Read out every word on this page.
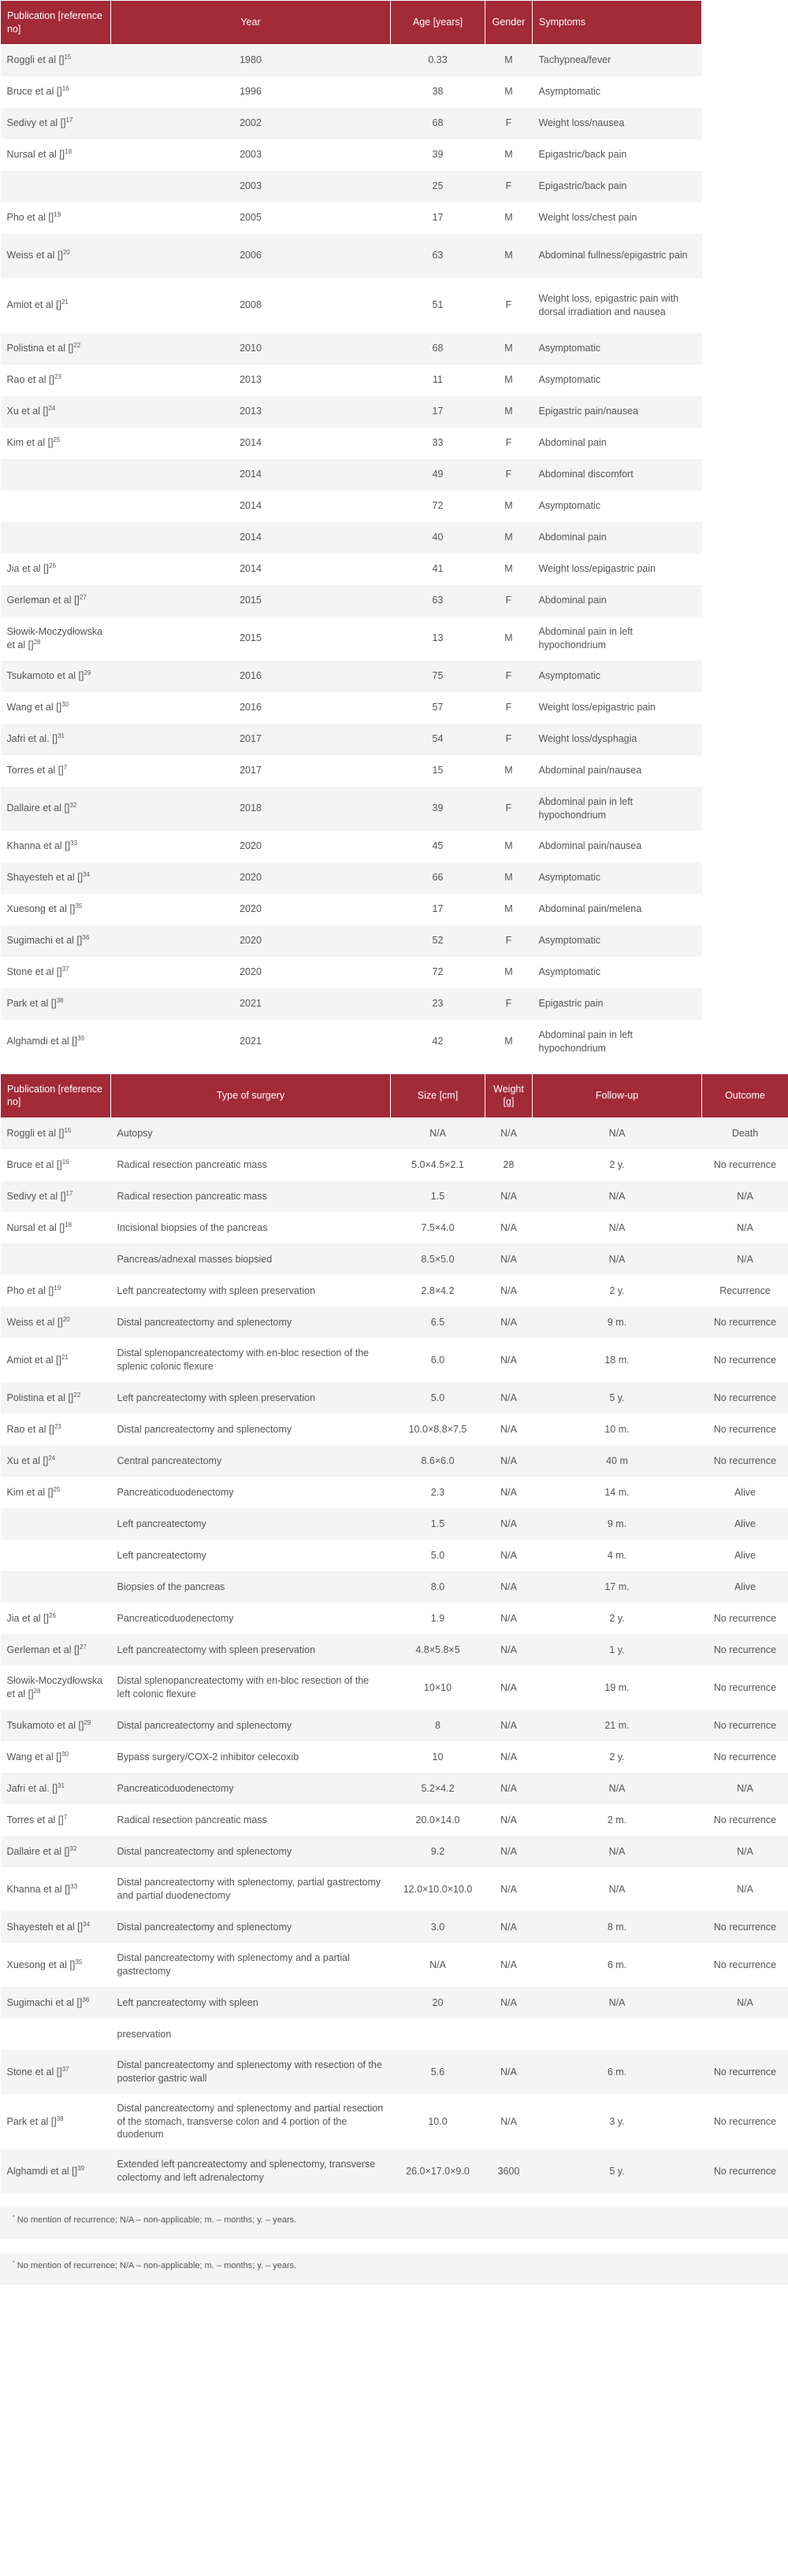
Publication [reference no]	Year	Age [years]	Gender	Symptoms
Roggli et al []$^{15}$	1980	0.33	M	Tachypnea/fever
Bruce et al []$^{16}$	1996	38	M	Asymptomatic
Sedivy et al []$^{17}$	2002	68	F	Weight loss/nausea
Nursal et al []$^{18}$	2003	39	M	Epigastric/back pain
	2003	25	F	Epigastric/back pain
Pho et al []$^{19}$	2005	17	M	Weight loss/chest pain
Weiss et al []$^{20}$	2006	63	M	Abdominal fullness/epigastric pain
Amiot et al []$^{21}$	2008	51	F	Weight loss, epigastric pain with dorsal irradiation and nausea
Polistina et al []$^{22}$	2010	68	M	Asymptomatic
Rao et al []$^{23}$	2013	11	M	Asymptomatic
Xu et al []$^{24}$	2013	17	M	Epigastric pain/nausea
Kim et al []$^{25}$	2014	33	F	Abdominal pain
	2014	49	F	Abdominal discomfort
	2014	72	M	Asymptomatic
	2014	40	M	Abdominal pain
Jia et al []$^{26}$	2014	41	M	Weight loss/epigastric pain
Gerleman et al []$^{27}$	2015	63	F	Abdominal pain
Słowik-Moczydłowska et al []$^{28}$	2015	13	M	Abdominal pain in left hypochondrium
Tsukamoto et al []$^{29}$	2016	75	F	Asymptomatic
Wang et al []$^{30}$	2016	57	F	Weight loss/epigastric pain
Jafri et al. []$^{31}$	2017	54	F	Weight loss/dysphagia
Torres et al []$^7$	2017	15	M	Abdominal pain/nausea
Dallaire et al []$^{32}$	2018	39	F	Abdominal pain in left hypochondrium
Khanna et al []$^{33}$	2020	45	M	Abdominal pain/nausea
Shayesteh et al []$^{34}$	2020	66	M	Asymptomatic
Xuesong et al []$^{35}$	2020	17	M	Abdominal pain/melena
Sugimachi et al []$^{36}$	2020	52	F	Asymptomatic
Stone et al []$^{37}$	2020	72	M	Asymptomatic
Park et al []$^{38}$	2021	23	F	Epigastric pain
Alghamdi et al []$^{39}$	2021	42	M	Abdominal pain in left hypochondrium
Publication [reference no]	Type of surgery	Size [cm]	Weight [g]	Follow-up	Outcome
Roggli et al []$^{15}$	Autopsy	N/A	N/A	N/A	Death
Bruce et al []$^{16}$	Radical resection pancreatic mass	5.0×4.5×2.1	28	2 y.	No recurrence
Sedivy et al []$^{17}$	Radical resection pancreatic mass	1.5	N/A	N/A	N/A
Nursal et al []$^{18}$	Incisional biopsies of the pancreas	7.5×4.0	N/A	N/A	N/A
	Pancreas/adnexal masses biopsied	8.5×5.0	N/A	N/A	N/A
Pho et al []$^{19}$	Left pancreatectomy with spleen preservation	2.8×4.2	N/A	2 y.	Recurrence
Weiss et al []$^{20}$	Distal pancreatectomy and splenectomy	6.5	N/A	9 m.	No recurrence
Amiot et al []$^{21}$	Distal splenopancreatectomy with en-bloc resection of the splenic colonic flexure	6.0	N/A	18 m.	No recurrence
Polistina et al []$^{22}$	Left pancreatectomy with spleen preservation	5.0	N/A	5 y.	No recurrence
Rao et al []$^{23}$	Distal pancreatectomy and splenectomy	10.0×8.8×7.5	N/A	10 m.	No recurrence
Xu et al []$^{24}$	Central pancreatectomy	8.6×6.0	N/A	40 m	No recurrence
Kim et al []$^{25}$	Pancreaticoduodenectomy	2.3	N/A	14 m.	Alive
	Left pancreatectomy	1.5	N/A	9 m.	Alive
	Left pancreatectomy	5.0	N/A	4 m.	Alive
	Biopsies of the pancreas	8.0	N/A	17 m.	Alive
Jia et al []$^{26}$	Pancreaticoduodenectomy	1.9	N/A	2 y.	No recurrence
Gerleman et al []$^{27}$	Left pancreatectomy with spleen preservation	4.8×5.8×5	N/A	1 y.	No recurrence
Słowik-Moczydłowska et al []$^{28}$	Distal splenopancreatectomy with en-bloc resection of the left colonic flexure	10×10	N/A	19 m.	No recurrence
Tsukamoto et al []$^{29}$	Distal pancreatectomy and splenectomy	8	N/A	21 m.	No recurrence
Wang et al []$^{30}$	Bypass surgery/COX-2 inhibitor celecoxib	10	N/A	2 y.	No recurrence
Jafri et al. []$^{31}$	Pancreaticoduodenectomy	5.2×4.2	N/A	N/A	N/A
Torres et al []$^7$	Radical resection pancreatic mass	20.0×14.0	N/A	2 m.	No recurrence
Dallaire et al []$^{32}$	Distal pancreatectomy and splenectomy	9.2	N/A	N/A	N/A
Khanna et al []$^{33}$	Distal pancreatectomy with splenectomy, partial gastrectomy and partial duodenectomy	12.0×10.0×10.0	N/A	N/A	N/A
Shayesteh et al []$^{34}$	Distal pancreatectomy and splenectomy	3.0	N/A	8 m.	No recurrence
Xuesong et al []$^{35}$	Distal pancreatectomy with splenectomy and a partial gastrectomy	N/A	N/A	6 m.	No recurrence
Sugimachi et al []$^{36}$	Left pancreatectomy with spleen	20	N/A	N/A	N/A
	preservation				
Stone et al []$^{37}$	Distal pancreatectomy and splenectomy with resection of the posterior gastric wall	5.6	N/A	6 m.	No recurrence
Park et al []$^{38}$	Distal pancreatectomy and splenectomy and partial resection of the stomach, transverse colon and 4 portion of the duodenum	10.0	N/A	3 y.	No recurrence
Alghamdi et al []$^{39}$	Extended left pancreatectomy and splenectomy, transverse colectomy and left adrenalectomy	26.0×17.0×9.0	3600	5 y.	No recurrence
* No mention of recurrence; N/A – non-applicable; m. – months; y. – years.
* No mention of recurrence; N/A – non-applicable; m. – months; y. – years.
